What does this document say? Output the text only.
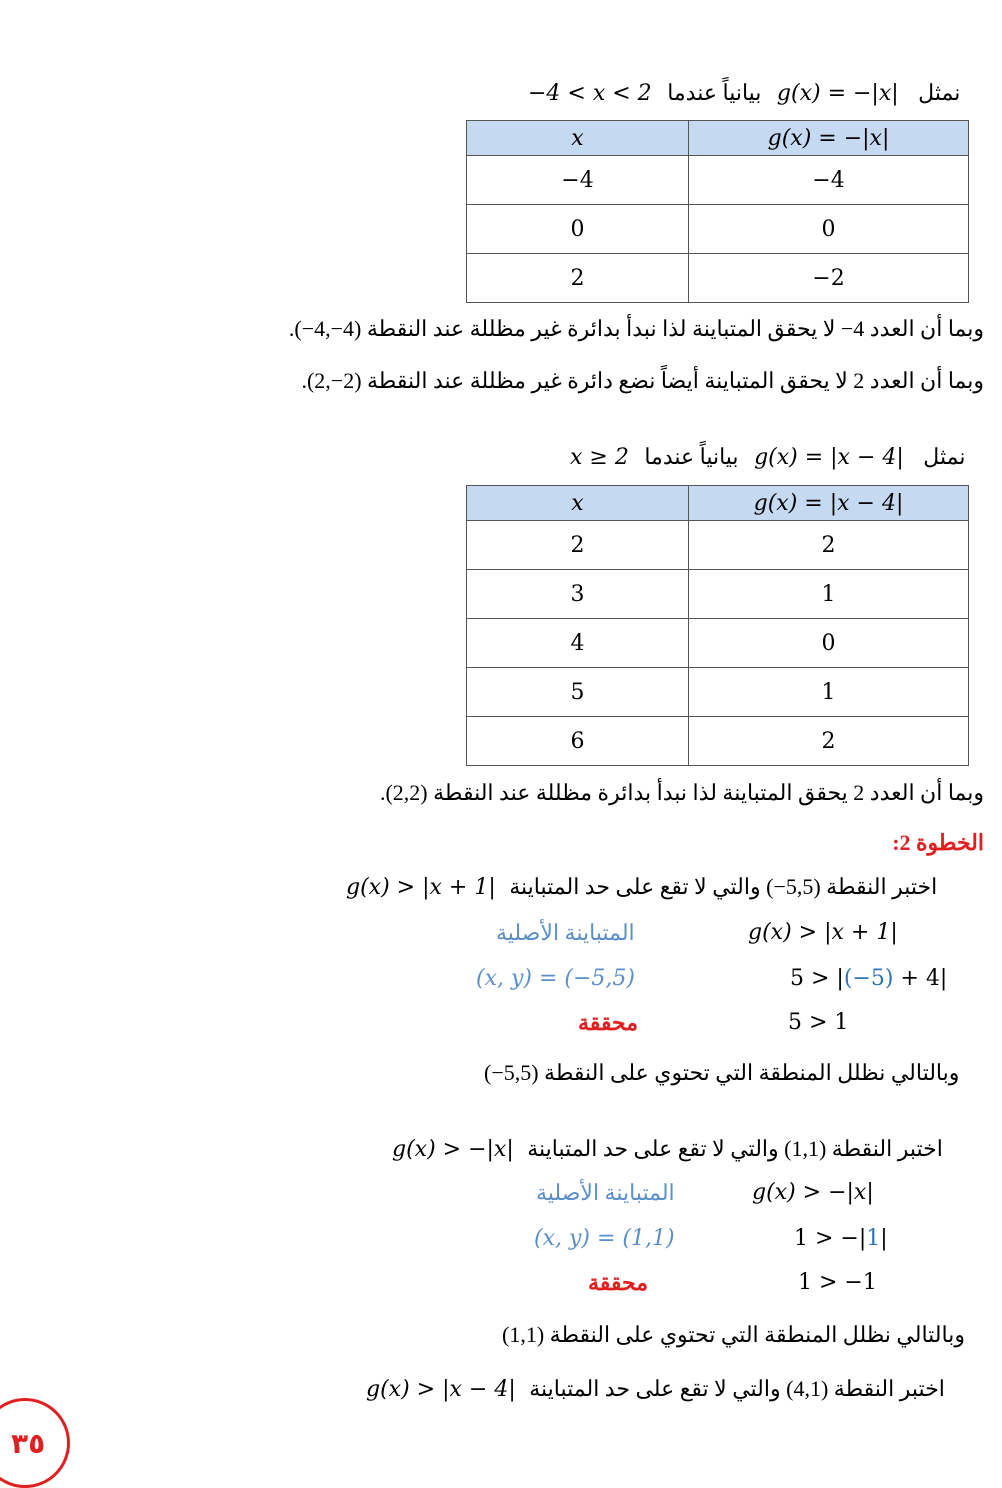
−4 < x < 2 بيانياً عندما g(x) = −|x| نمثل
x	g(x) = −|x|
−4	−4
0	0
2	−2
وبما أن العدد 4− لا يحقق المتباينة لذا نبدأ بدائرة غير مظللة عند النقطة (4−,4−).
وبما أن العدد 2 لا يحقق المتباينة أيضاً نضع دائرة غير مظللة عند النقطة (2−,2).
x ≥ 2 بيانياً عندما g(x) = |x − 4| نمثل
x	g(x) = |x − 4|
2	2
3	1
4	0
5	1
6	2
وبما أن العدد 2 يحقق المتباينة لذا نبدأ بدائرة مظللة عند النقطة (2,2).
الخطوة 2:
g(x) > |x + 1| اختبر النقطة (5,5−) والتي لا تقع على حد المتباينة
المتباينة الأصلية	g(x) > |x + 1|
(x, y) = (−5,5)	5 > |(−5) + 4|
محققة	5 > 1
وبالتالي نظلل المنطقة التي تحتوي على النقطة (5,5−)
g(x) > −|x| اختبر النقطة (1,1) والتي لا تقع على حد المتباينة
المتباينة الأصلية	g(x) > −|x|
(x, y) = (1,1)	1 > −|1|
محققة	1 > −1
وبالتالي نظلل المنطقة التي تحتوي على النقطة (1,1)
g(x) > |x − 4| اختبر النقطة (4,1) والتي لا تقع على حد المتباينة
٣٥
